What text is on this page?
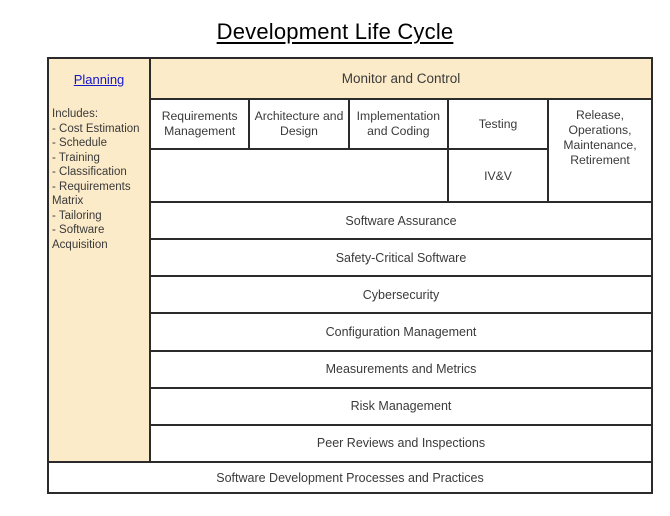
Development Life Cycle
Planning
Includes:
- Cost Estimation
- Schedule
- Training
- Classification
- Requirements Matrix
- Tailoring
- Software Acquisition
Monitor and Control
Requirements Management
Architecture and Design
Implementation and Coding	Testing
IV&V
Release, Operations, Maintenance, Retirement
Software Assurance
Safety-Critical Software
Cybersecurity
Configuration Management
Measurements and Metrics
Risk Management
Peer Reviews and Inspections
Software Development Processes and Practices
